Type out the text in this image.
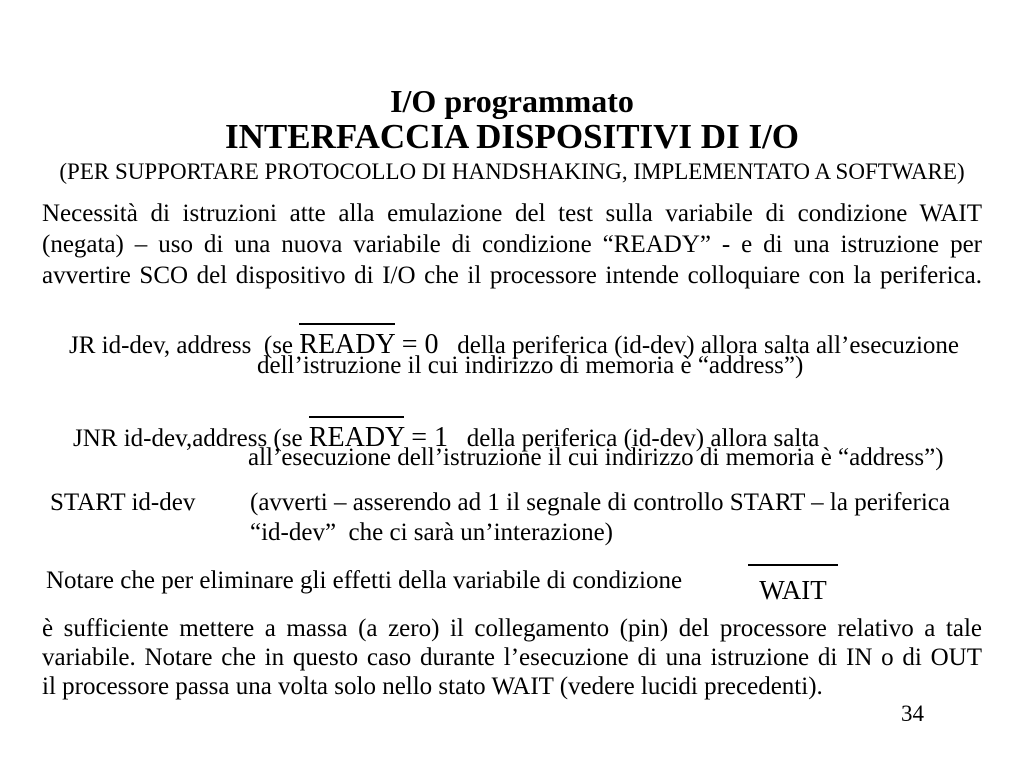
I/O programmato
INTERFACCIA DISPOSITIVI DI I/O
(PER SUPPORTARE PROTOCOLLO DI HANDSHAKING, IMPLEMENTATO A SOFTWARE)
Necessità di istruzioni atte alla emulazione del test sulla variabile di condizione WAIT
(negata) – uso di una nuova variabile di condizione “READY” - e di una istruzione per
avvertire SCO del dispositivo di I/O che il processore intende colloquiare con la periferica.

JR id-dev, address  (se READY = 0   della periferica (id-dev) allora salta all’esecuzione

dell’istruzione il cui indirizzo di memoria è “address”)

JNR id-dev,address (se READY = 1   della periferica (id-dev) allora salta

all’esecuzione dell’istruzione il cui indirizzo di memoria è “address”)
START id-dev (avverti – asserendo ad 1 il segnale di controllo START – la periferica
“id-dev”  che ci sarà un’interazione)
Notare che per eliminare gli effetti della variabile di condizione	WAIT
è sufficiente mettere a massa (a zero) il collegamento (pin) del processore relativo a tale
variabile. Notare che in questo caso durante l’esecuzione di una istruzione di IN o di OUT
il processore passa una volta solo nello stato WAIT (vedere lucidi precedenti).
34
